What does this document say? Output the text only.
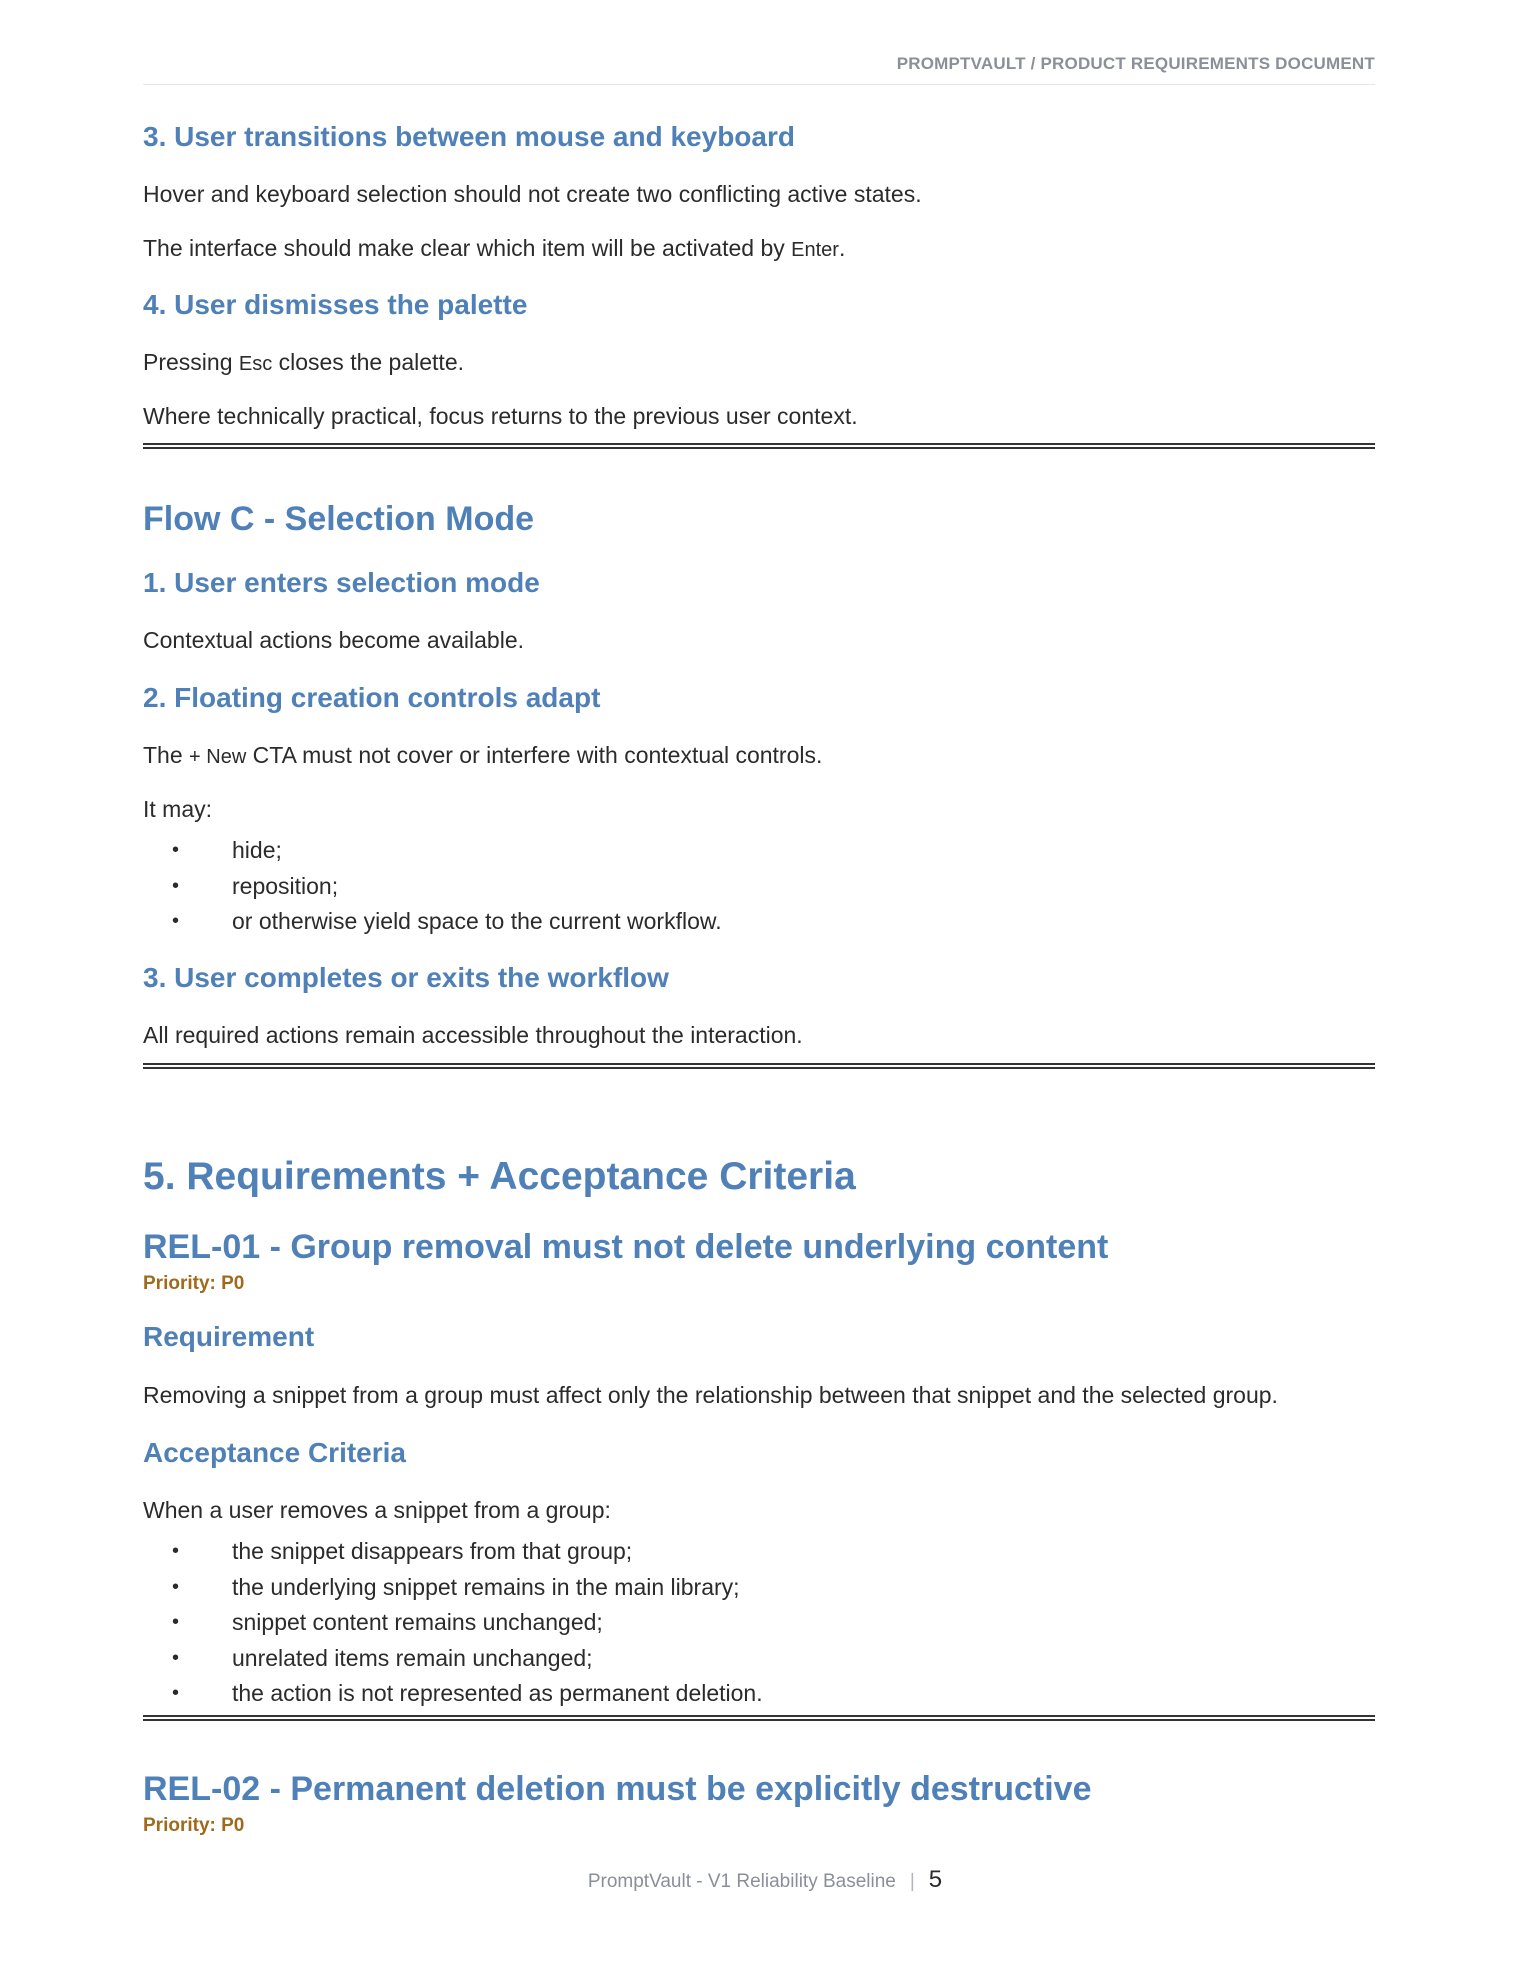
PROMPTVAULT / PRODUCT REQUIREMENTS DOCUMENT
3. User transitions between mouse and keyboard

Hover and keyboard selection should not create two conflicting active states.

The interface should make clear which item will be activated by Enter.

4. User dismisses the palette

Pressing Esc closes the palette.

Where technically practical, focus returns to the previous user context.

Flow C - Selection Mode
1. User enters selection mode

Contextual actions become available.

2. Floating creation controls adapt

The + New CTA must not cover or interfere with contextual controls.

It may:

• hide;
• reposition;
• or otherwise yield space to the current workflow.
3. User completes or exits the workflow

All required actions remain accessible throughout the interaction.

5. Requirements + Acceptance Criteria
REL-01 - Group removal must not delete underlying content
Priority: P0
Requirement

Removing a snippet from a group must affect only the relationship between that snippet and the selected group.

Acceptance Criteria

When a user removes a snippet from a group:

• the snippet disappears from that group;
• the underlying snippet remains in the main library;
• snippet content remains unchanged;
• unrelated items remain unchanged;
• the action is not represented as permanent deletion.
REL-02 - Permanent deletion must be explicitly destructive
Priority: P0
PromptVault - V1 Reliability Baseline | 5
